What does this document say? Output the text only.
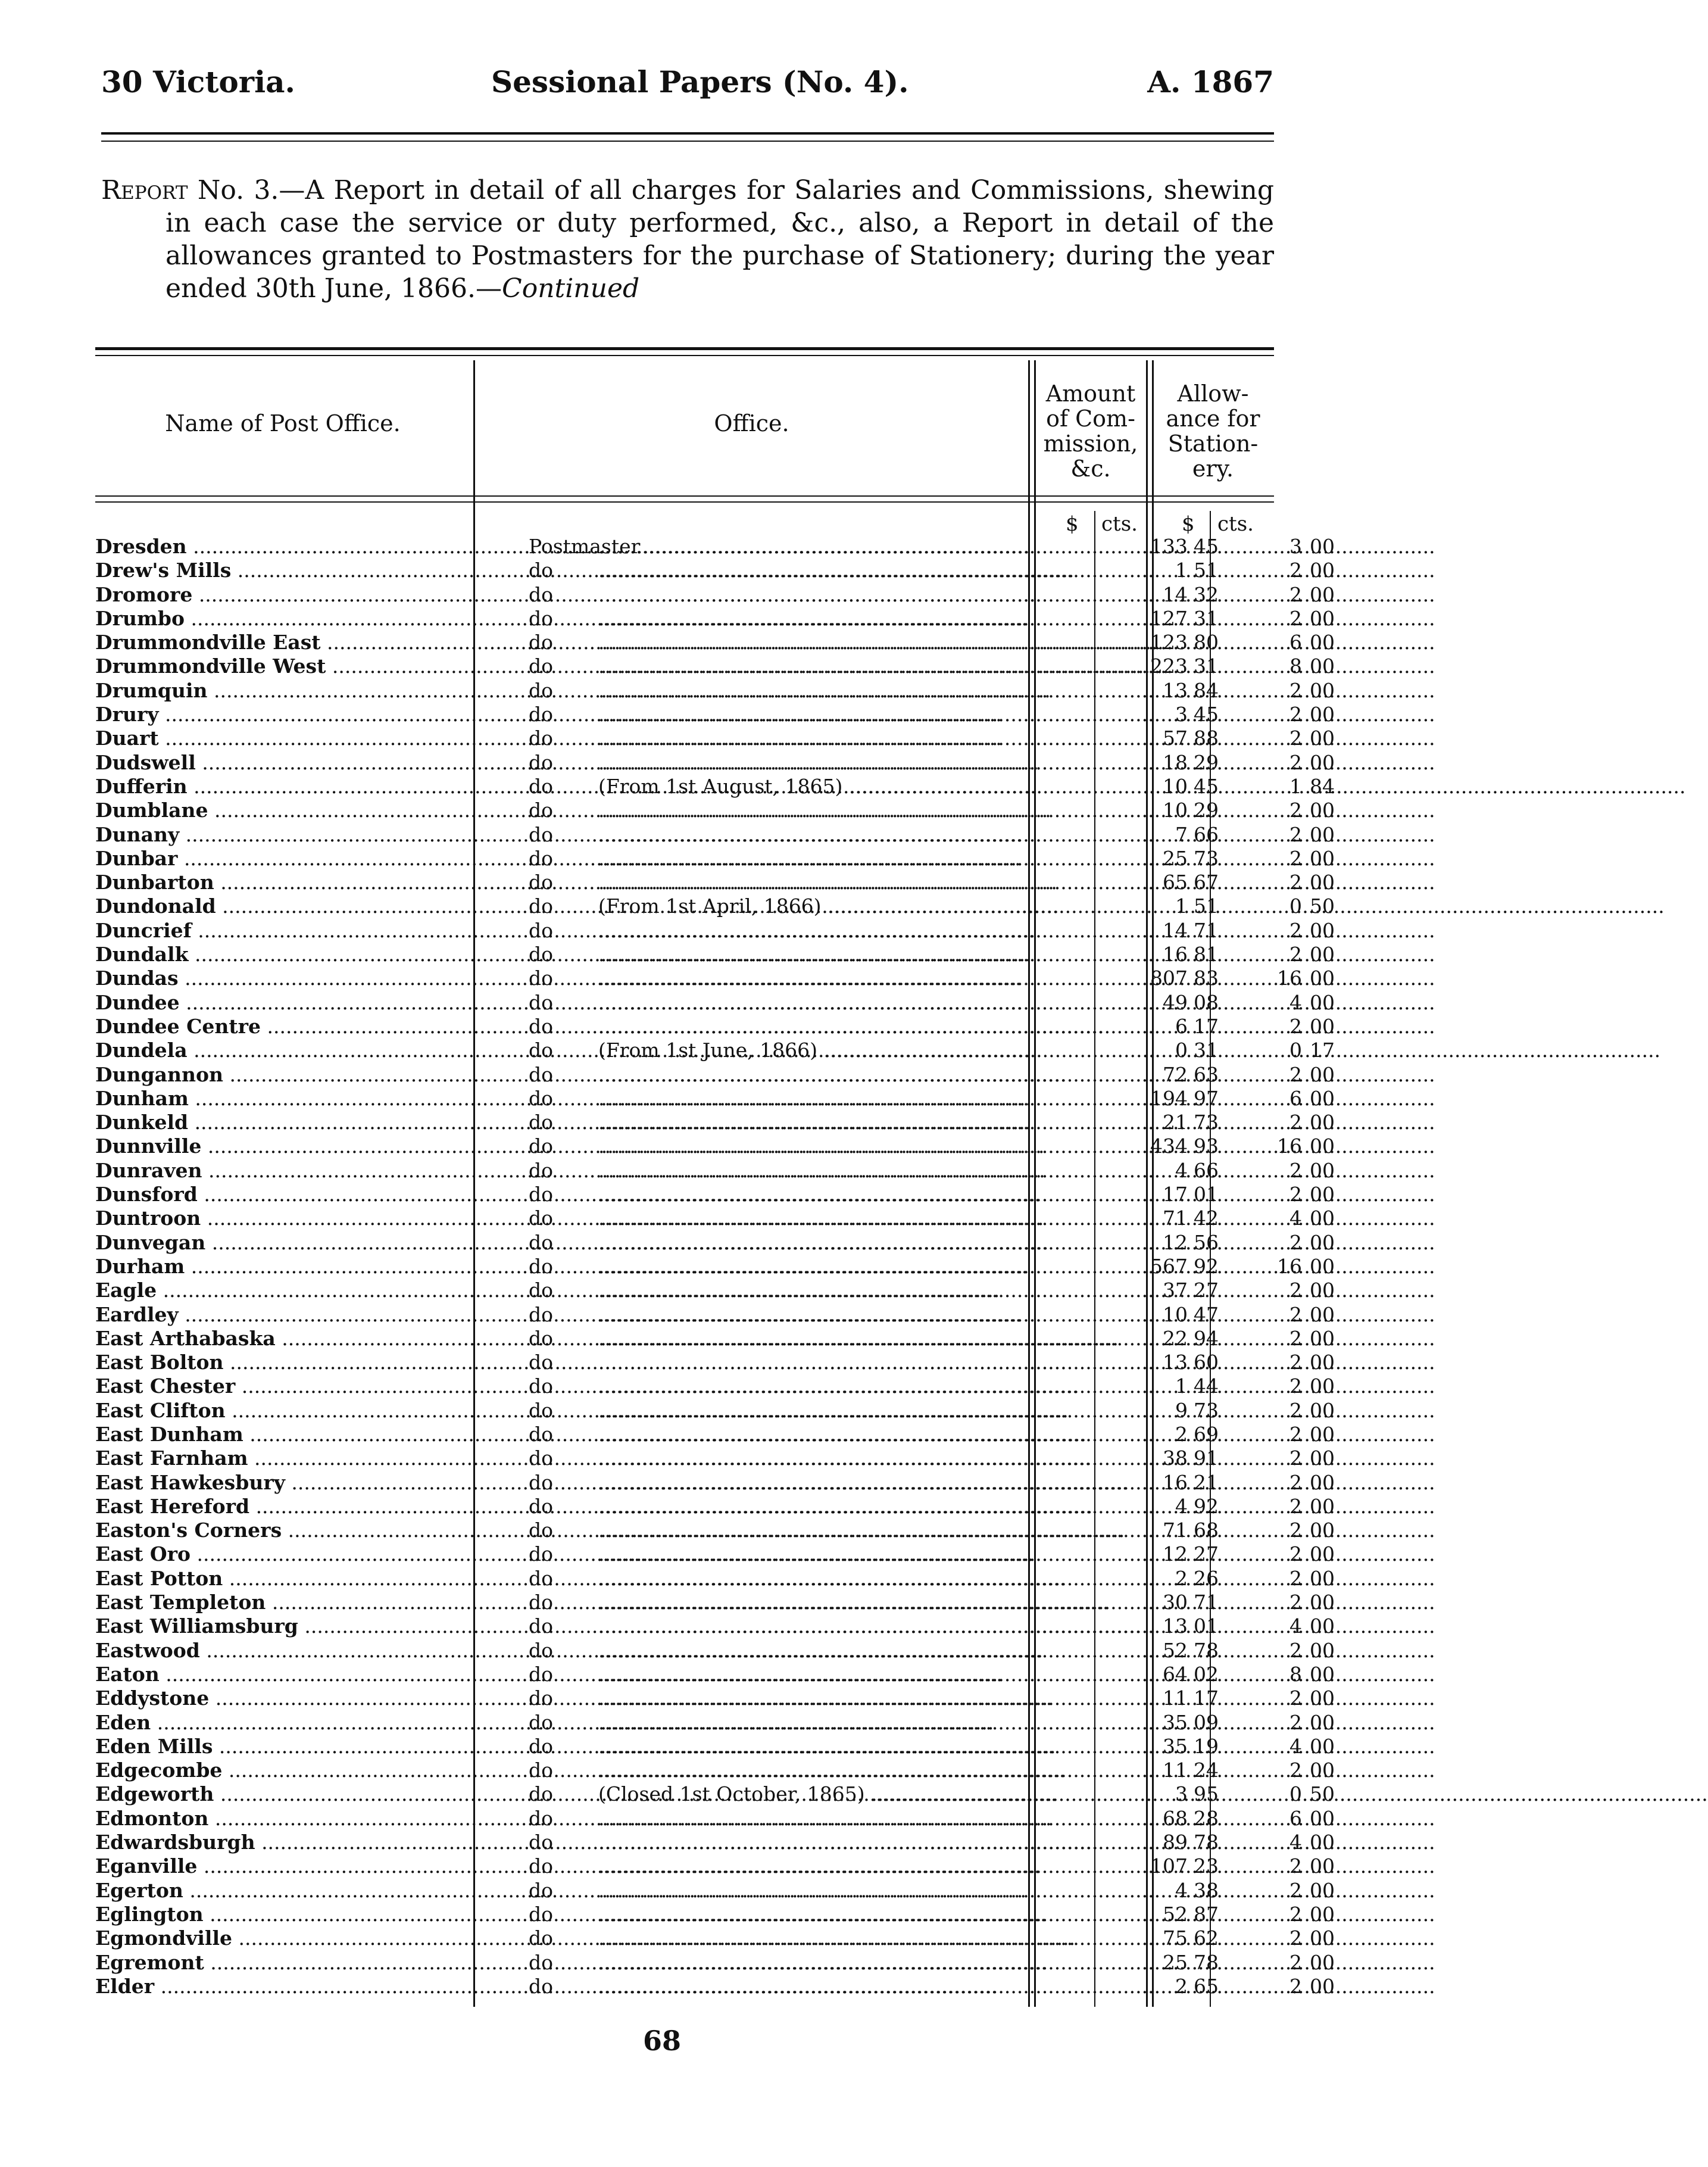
30 Victoria.	Sessional Papers (No. 4).	A. 1867

Report No. 3.—A Report in detail of all charges for Salaries and Commissions, shewing in each case the service or duty performed, &c., also, a Report in detail of the allowances granted to Postmasters for the purchase of Stationery; during the year ended 30th June, 1866.—Continued

Name of Post Office.	Office.
Amount of Com-mission, &c.
Allow-ance for Station-ery.
$ cts. $ cts.
Dresden .....	Postmaster .....	133 45	3 00
Drew's Mills .....	do .....	1 51	2 00
Dromore .....	do .....	14 32	2 00
Drumbo .....	do .....	127 31	2 00
Drummondville East .....	do .....	123 80	6 00
Drummondville West .....	do .....	223 31	8 00
Drumquin .....	do .....	13 84	2 00
Drury .....	do .....	3 45	2 00
Duart .....	do .....	57 88	2 00
Dudswell .....	do .....	18 29	2 00
Dufferin .....	do	(From 1st August, 1865) .....	10 45	1 84
Dumblane .....	do .....	10 29	2 00
Dunany .....	do .....	7 66	2 00
Dunbar .....	do .....	25 73	2 00
Dunbarton .....	do .....	65 67	2 00
Dundonald .....	do	(From 1st April, 1866) .....	1 51	0 50
Duncrief .....	do .....	14 71	2 00
Dundalk .....	do .....	16 81	2 00
Dundas .....	do .....	807 83	16 00
Dundee .....	do .....	49 08	4 00
Dundee Centre .....	do .....	6 17	2 00
Dundela .....	do	(From 1st June, 1866) .....	0 31	0 17
Dungannon .....	do .....	72 63	2 00
Dunham .....	do .....	194 97	6 00
Dunkeld .....	do .....	21 73	2 00
Dunnville .....	do .....	434 93	16 00
Dunraven .....	do .....	4 66	2 00
Dunsford .....	do .....	17 01	2 00
Duntroon .....	do .....	71 42	4 00
Dunvegan .....	do .....	12 56	2 00
Durham .....	do .....	567 92	16 00
Eagle .....	do .....	37 27	2 00
Eardley .....	do .....	10 47	2 00
East Arthabaska .....	do .....	22 94	2 00
East Bolton .....	do .....	13 60	2 00
East Chester .....	do .....	1 44	2 00
East Clifton .....	do .....	9 73	2 00
East Dunham .....	do .....	2 69	2 00
East Farnham .....	do .....	38 91	2 00
East Hawkesbury .....	do .....	16 21	2 00
East Hereford .....	do .....	4 92	2 00
Easton's Corners .....	do .....	71 68	2 00
East Oro .....	do .....	12 27	2 00
East Potton .....	do .....	2 26	2 00
East Templeton .....	do .....	30 71	2 00
East Williamsburg .....	do .....	13 01	4 00
Eastwood .....	do .....	52 78	2 00
Eaton .....	do .....	64 02	8 00
Eddystone .....	do .....	11 17	2 00
Eden .....	do .....	35 09	2 00
Eden Mills .....	do .....	35 19	4 00
Edgecombe .....	do .....	11 24	2 00
Edgeworth .....	do	(Closed 1st October, 1865) .....	3 95	0 50
Edmonton .....	do .....	68 28	6 00
Edwardsburgh .....	do .....	89 78	4 00
Eganville .....	do .....	107 23	2 00
Egerton .....	do .....	4 38	2 00
Eglington .....	do .....	52 87	2 00
Egmondville .....	do .....	75 62	2 00
Egremont .....	do .....	25 78	2 00
Elder .....	do .....	2 65	2 00
68
